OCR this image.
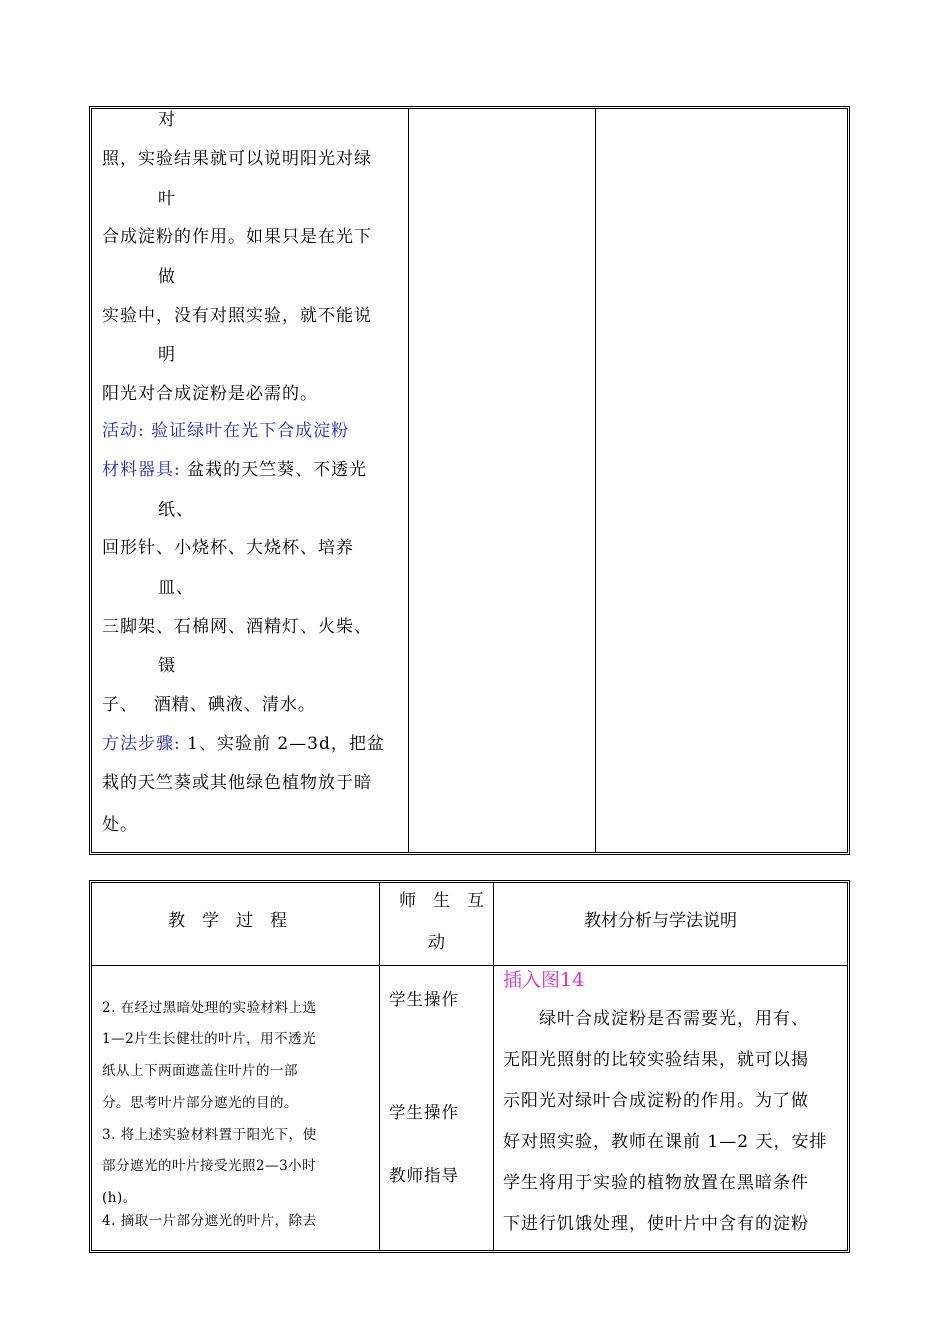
对
照，实验结果就可以说明阳光对绿
叶
合成淀粉的作用。如果只是在光下
做
实验中，没有对照实验，就不能说
明
阳光对合成淀粉是必需的。
活动: 验证绿叶在光下合成淀粉
材料器具: 盆栽的天竺葵、不透光
纸、
回形针、小烧杯、大烧杯、培养
皿、
三脚架、石棉网、酒精灯、火柴、
镊
子、　 酒精、碘液、清水。
方法步骤: 1、实验前 2—3d，把盆
栽的天竺葵或其他绿色植物放于暗
处。
教　学　过　程
师　生　互
动
教材分析与学法说明
2. 在经过黑暗处理的实验材料上选
1—2片生长健壮的叶片，用不透光
纸从上下两面遮盖住叶片的一部
分。思考叶片部分遮光的目的。
3. 将上述实验材料置于阳光下，使
部分遮光的叶片接受光照2—3小时
(h)。
4. 摘取一片部分遮光的叶片，除去
学生操作
学生操作
教师指导
插入图14
　　绿叶合成淀粉是否需要光，用有、
无阳光照射的比较实验结果，就可以揭
示阳光对绿叶合成淀粉的作用。为了做
好对照实验，教师在课前 1—2 天，安排
学生将用于实验的植物放置在黑暗条件
下进行饥饿处理，使叶片中含有的淀粉
